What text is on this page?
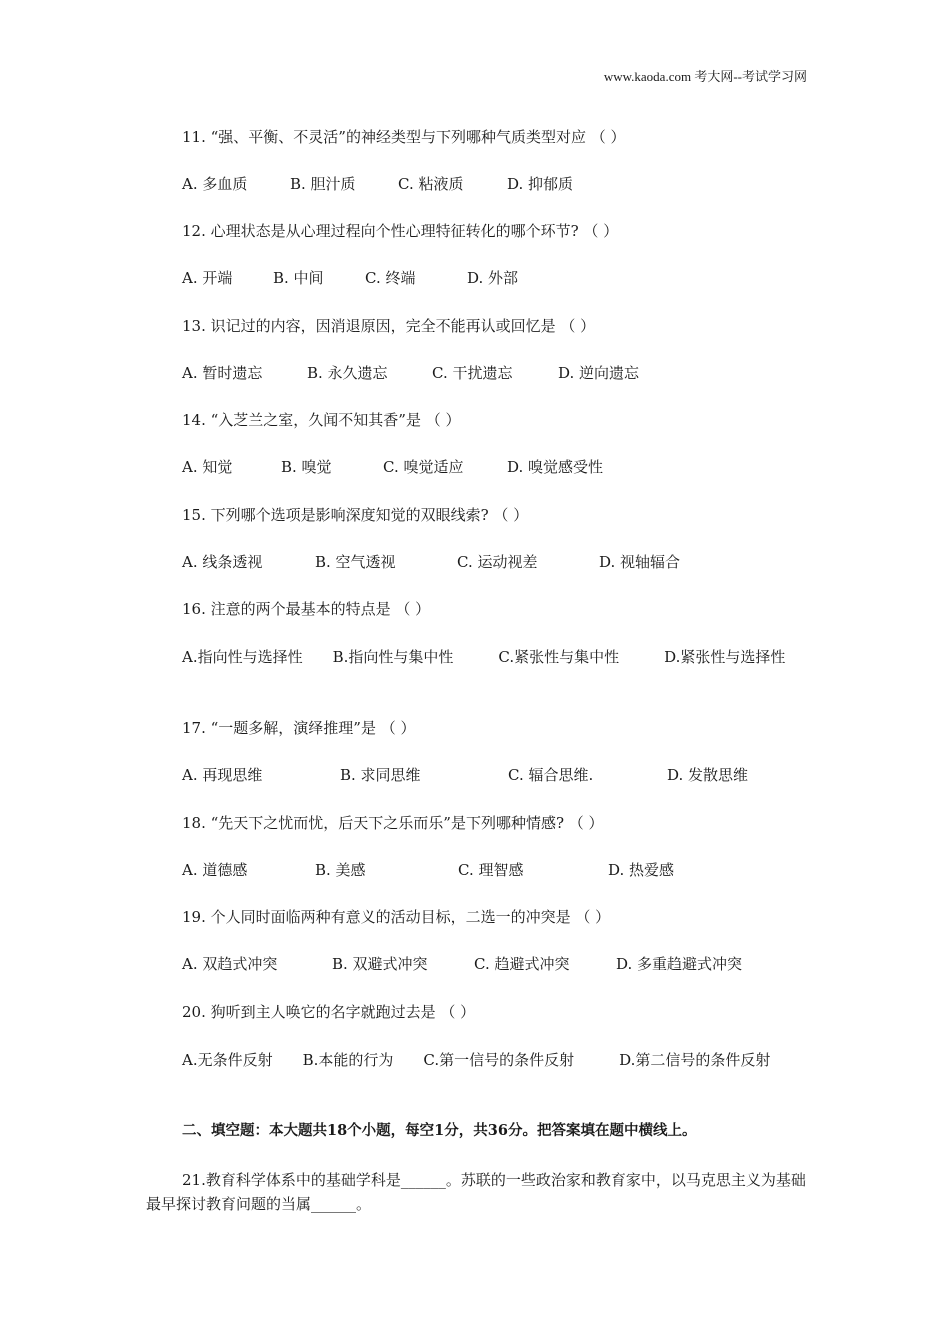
www.kaoda.com 考大网--考试学习网
11. “强、平衡、不灵活”的神经类型与下列哪种气质类型对应 （ ）
A. 多血质	B. 胆汁质	C. 粘液质	D. 抑郁质
12. 心理状态是从心理过程向个性心理特征转化的哪个环节? （ ）
A. 开端	B. 中间	C. 终端	D. 外部
13. 识记过的内容，因消退原因，完全不能再认或回忆是 （ ）
A. 暂时遗忘	B. 永久遗忘	C. 干扰遗忘	D. 逆向遗忘
14. “入芝兰之室，久闻不知其香”是 （ ）
A. 知觉	B. 嗅觉	C. 嗅觉适应	D. 嗅觉感受性
15. 下列哪个选项是影响深度知觉的双眼线索? （ ）
A. 线条透视	B. 空气透视	C. 运动视差	D. 视轴辐合
16. 注意的两个最基本的特点是 （ ）
A.指向性与选择性　　B.指向性与集中性　　　C.紧张性与集中性　　　D.紧张性与选择性
17. “一题多解，演绎推理”是 （ ）
A. 再现思维	B. 求同思维	C. 辐合思维.	D. 发散思维
18. “先天下之忧而忧，后天下之乐而乐”是下列哪种情感? （ ）
A. 道德感	B. 美感	C. 理智感	D. 热爱感
19. 个人同时面临两种有意义的活动目标，二选一的冲突是 （ ）
A. 双趋式冲突	B. 双避式冲突	C. 趋避式冲突	D. 多重趋避式冲突
20. 狗听到主人唤它的名字就跑过去是 （ ）
A.无条件反射　　B.本能的行为　　C.第一信号的条件反射　　　D.第二信号的条件反射
二、填空题：本大题共18个小题，每空1分，共36分。把答案填在题中横线上。
21.教育科学体系中的基础学科是______。苏联的一些政治家和教育家中，以马克思主义为基础最早探讨教育问题的当属______。
